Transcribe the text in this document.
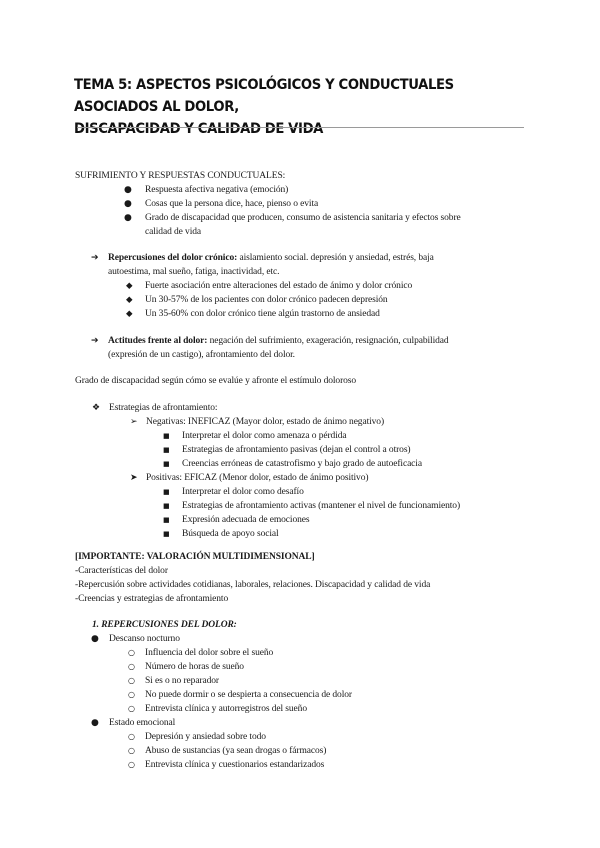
TEMA 5: ASPECTOS PSICOLÓGICOS Y CONDUCTUALES ASOCIADOS AL DOLOR,
DISCAPACIDAD Y CALIDAD DE VIDA
SUFRIMIENTO Y RESPUESTAS CONDUCTUALES:
● Respuesta afectiva negativa (emoción)
● Cosas que la persona dice, hace, pienso o evita
● Grado de discapacidad que producen, consumo de asistencia sanitaria y efectos sobre
calidad de vida
➔ Repercusiones del dolor crónico: aislamiento social. depresión y ansiedad, estrés, baja
autoestima, mal sueño, fatiga, inactividad, etc.
◆ Fuerte asociación entre alteraciones del estado de ánimo y dolor crónico
◆ Un 30-57% de los pacientes con dolor crónico padecen depresión
◆ Un 35-60% con dolor crónico tiene algún trastorno de ansiedad
➔ Actitudes frente al dolor: negación del sufrimiento, exageración, resignación, culpabilidad
(expresión de un castigo), afrontamiento del dolor.
Grado de discapacidad según cómo se evalúe y afronte el estímulo doloroso
❖ Estrategias de afrontamiento:
➢ Negativas: INEFICAZ (Mayor dolor, estado de ánimo negativo)
■ Interpretar el dolor como amenaza o pérdida
■ Estrategias de afrontamiento pasivas (dejan el control a otros)
■ Creencias erróneas de catastrofismo y bajo grado de autoeficacia
➤ Positivas: EFICAZ (Menor dolor, estado de ánimo positivo)
■ Interpretar el dolor como desafío
■ Estrategias de afrontamiento activas (mantener el nivel de funcionamiento)
■ Expresión adecuada de emociones
■ Búsqueda de apoyo social
[IMPORTANTE: VALORACIÓN MULTIDIMENSIONAL]
-Características del dolor
-Repercusión sobre actividades cotidianas, laborales, relaciones. Discapacidad y calidad de vida
-Creencias y estrategias de afrontamiento
1. REPERCUSIONES DEL DOLOR:
● Descanso nocturno
○ Influencia del dolor sobre el sueño
○ Número de horas de sueño
○ Si es o no reparador
○ No puede dormir o se despierta a consecuencia de dolor
○ Entrevista clínica y autorregistros del sueño
● Estado emocional
○ Depresión y ansiedad sobre todo
○ Abuso de sustancias (ya sean drogas o fármacos)
○ Entrevista clínica y cuestionarios estandarizados
